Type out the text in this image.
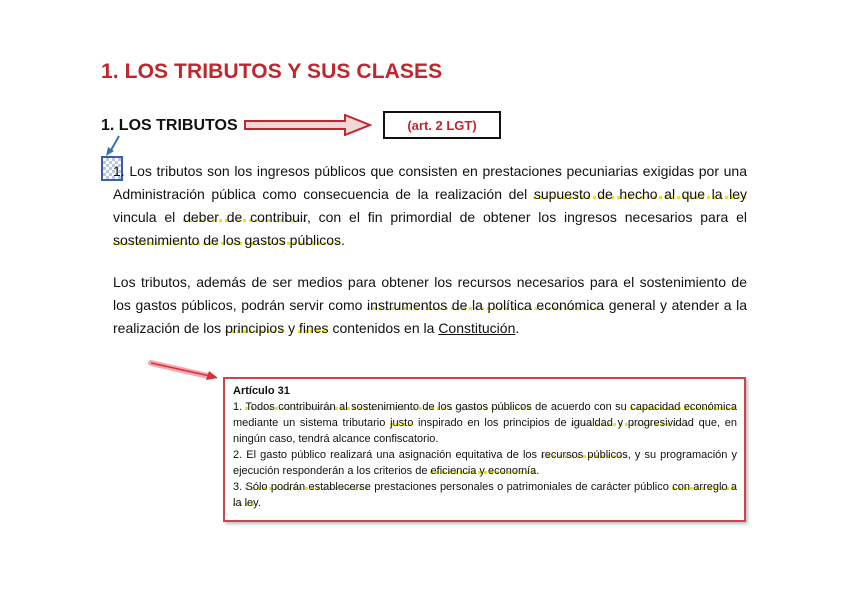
1. LOS TRIBUTOS Y SUS CLASES
1. LOS TRIBUTOS	(art. 2 LGT)
1. Los tributos son los ingresos públicos que consisten en prestaciones pecuniarias exigidas por una Administración pública como consecuencia de la realización del supuesto de hecho al que la ley vincula el deber de contribuir, con el fin primordial de obtener los ingresos necesarios para el sostenimiento de los gastos públicos.
Los tributos, además de ser medios para obtener los recursos necesarios para el sostenimiento de los gastos públicos, podrán servir como instrumentos de la política económica general y atender a la realización de los principios y fines contenidos en la Constitución.
Artículo 31

1. Todos contribuirán al sostenimiento de los gastos públicos de acuerdo con su capacidad económica mediante un sistema tributario justo inspirado en los principios de igualdad y progresividad que, en ningún caso, tendrá alcance confiscatorio.

2. El gasto público realizará una asignación equitativa de los recursos públicos, y su programación y ejecución responderán a los criterios de eficiencia y economía.

3. Sólo podrán establecerse prestaciones personales o patrimoniales de carácter público con arreglo a la ley.
